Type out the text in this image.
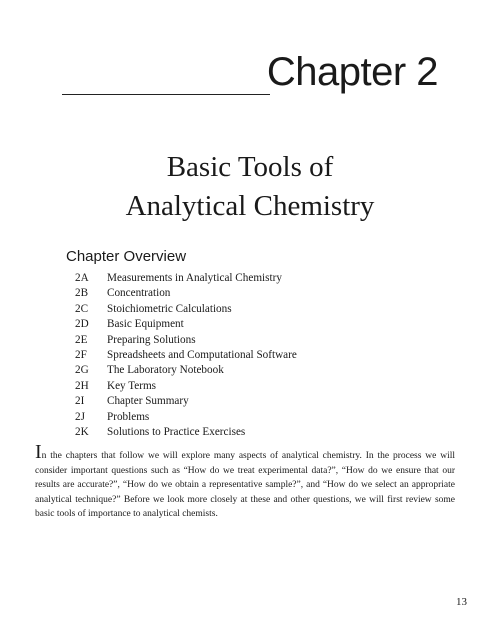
Chapter 2
Basic Tools of
Analytical Chemistry
Chapter Overview
2A Measurements in Analytical Chemistry
2B Concentration
2C Stoichiometric Calculations
2D Basic Equipment
2E Preparing Solutions
2F Spreadsheets and Computational Software
2G The Laboratory Notebook
2H Key Terms
2I Chapter Summary
2J Problems
2K Solutions to Practice Exercises

In the chapters that follow we will explore many aspects of analytical chemistry. In the process we will consider important questions such as “How do we treat experimental data?”, “How do we ensure that our results are accurate?”, “How do we obtain a representative sample?”, and “How do we select an appropriate analytical technique?” Before we look more closely at these and other questions, we will first review some basic tools of importance to analytical chemists.

13
